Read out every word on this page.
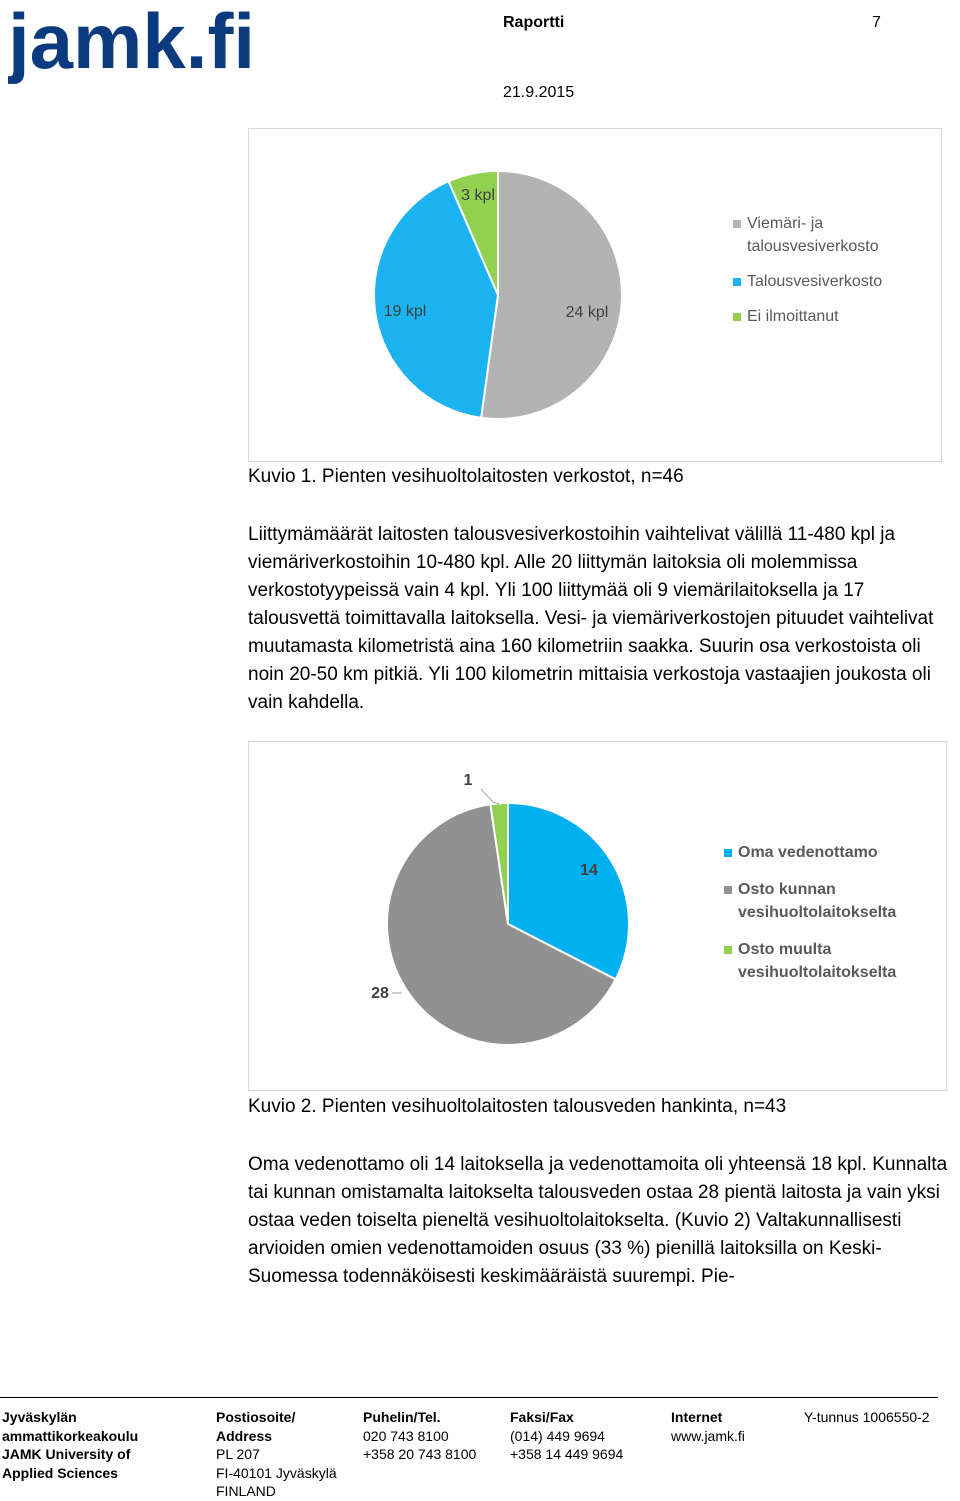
jamk.fi	Raportti	7
21.9.2015
24 kpl
19 kpl
3 kpl
Viemäri- ja talousvesiverkosto
Talousvesiverkosto
Ei ilmoittanut
Kuvio 1. Pienten vesihuoltolaitosten verkostot, n=46
Liittymämäärät laitosten talousvesiverkostoihin vaihtelivat välillä 11-480 kpl ja viemäriverkostoihin 10-480 kpl. Alle 20 liittymän laitoksia oli molemmissa verkostotyypeissä vain 4 kpl. Yli 100 liittymää oli 9 viemärilaitoksella ja 17 talousvettä toimittavalla laitoksella. Vesi- ja viemäriverkostojen pituudet vaihtelivat muutamasta kilometristä aina 160 kilometriin saakka. Suurin osa verkostoista oli noin 20-50 km pitkiä. Yli 100 kilometrin mittaisia verkostoja vastaajien joukosta oli vain kahdella.
14
28
1
Oma vedenottamo
Osto kunnan vesihuoltolaitokselta
Osto muulta vesihuoltolaitokselta
Kuvio 2. Pienten vesihuoltolaitosten talousveden hankinta, n=43
Oma vedenottamo oli 14 laitoksella ja vedenottamoita oli yhteensä 18 kpl. Kunnalta tai kunnan omistamalta laitokselta talousveden ostaa 28 pientä laitosta ja vain yksi ostaa veden toiselta pieneltä vesihuoltolaitokselta. (Kuvio 2) Valtakunnallisesti arvioiden omien vedenottamoiden osuus (33 %) pienillä laitoksilla on Keski-Suomessa todennäköisesti keskimääräistä suurempi. Pie-
Jyväskylän
ammattikorkeakoulu
JAMK University of
Applied Sciences
Postiosoite/
Address
PL 207
FI-40101 Jyväskylä
FINLAND
Puhelin/Tel.
020 743 8100
+358 20 743 8100
Faksi/Fax
(014) 449 9694
+358 14 449 9694
Internet
www.jamk.fi
Y-tunnus 1006550-2
